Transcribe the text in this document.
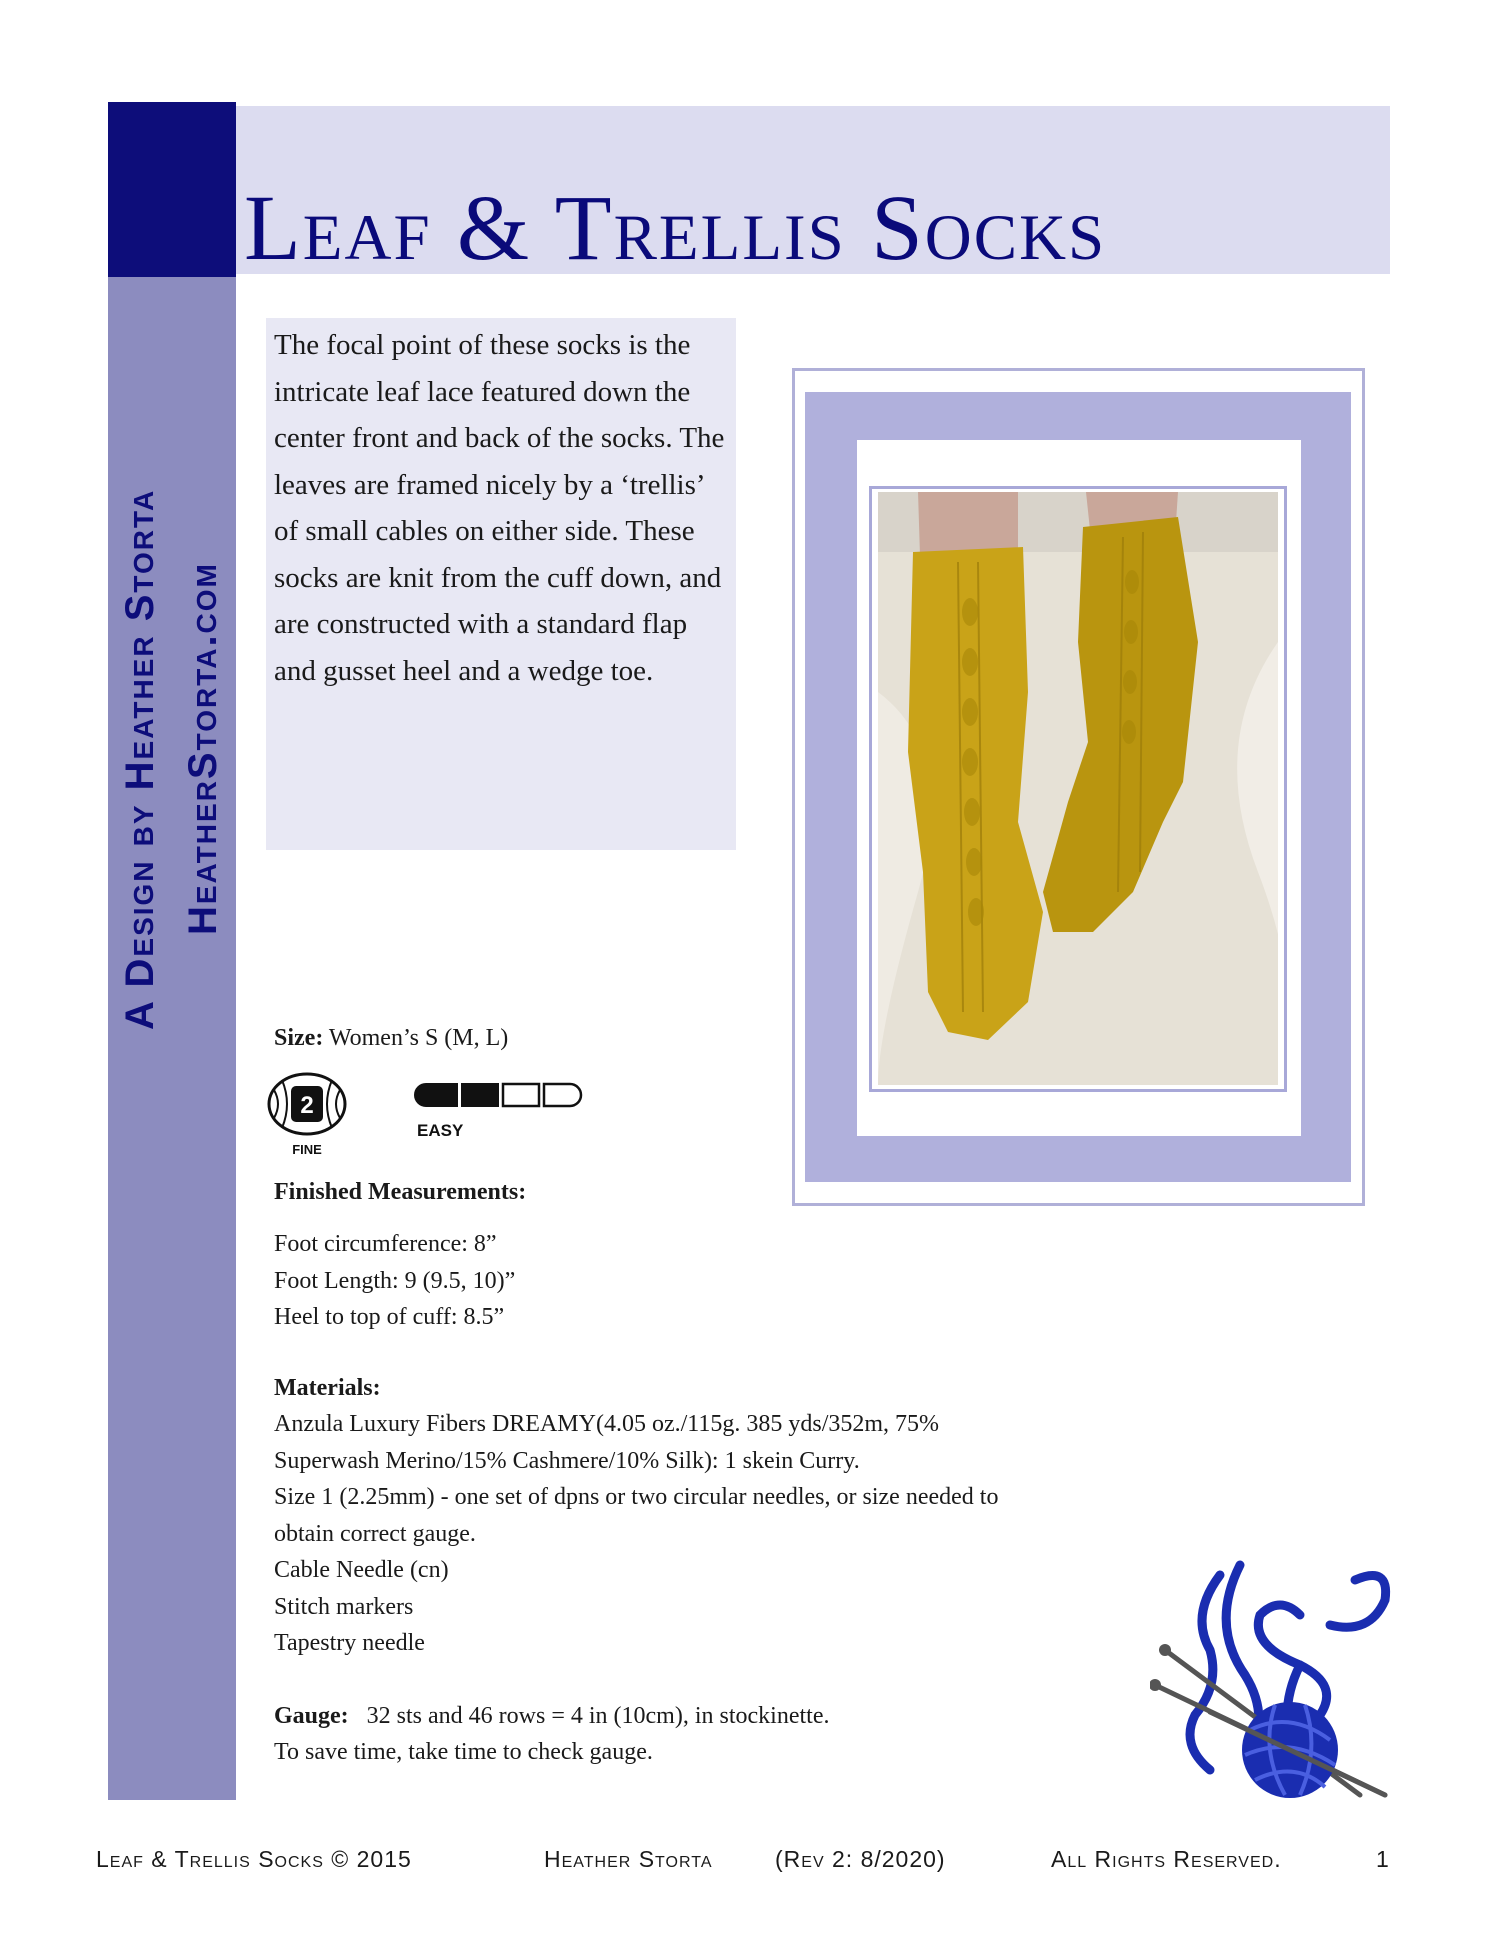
Leaf & Trellis Socks
A Design by Heather Storta HeatherStorta.com
The focal point of these socks is the intricate leaf lace featured down the center front and back of the socks. The leaves are framed nicely by a ‘trellis’ of small cables on either side. These socks are knit from the cuff down, and are constructed with a standard flap and gusset heel and a wedge toe.
Size: Women’s S (M, L)
2
FINE
EASY
Finished Measurements:
Foot circumference: 8”
Foot Length: 9 (9.5, 10)”
Heel to top of cuff: 8.5”
Materials:
Anzula Luxury Fibers DREAMY(4.05 oz./115g. 385 yds/352m, 75%
Superwash Merino/15% Cashmere/10% Silk): 1 skein Curry.
Size 1 (2.25mm) - one set of dpns or two circular needles, or size needed to
obtain correct gauge.
Cable Needle (cn)
Stitch markers
Tapestry needle
Gauge: 32 sts and 46 rows = 4 in (10cm), in stockinette.
To save time, take time to check gauge.
Leaf & Trellis Socks © 2015	Heather Storta	(Rev 2: 8/2020)	All Rights Reserved.	1
